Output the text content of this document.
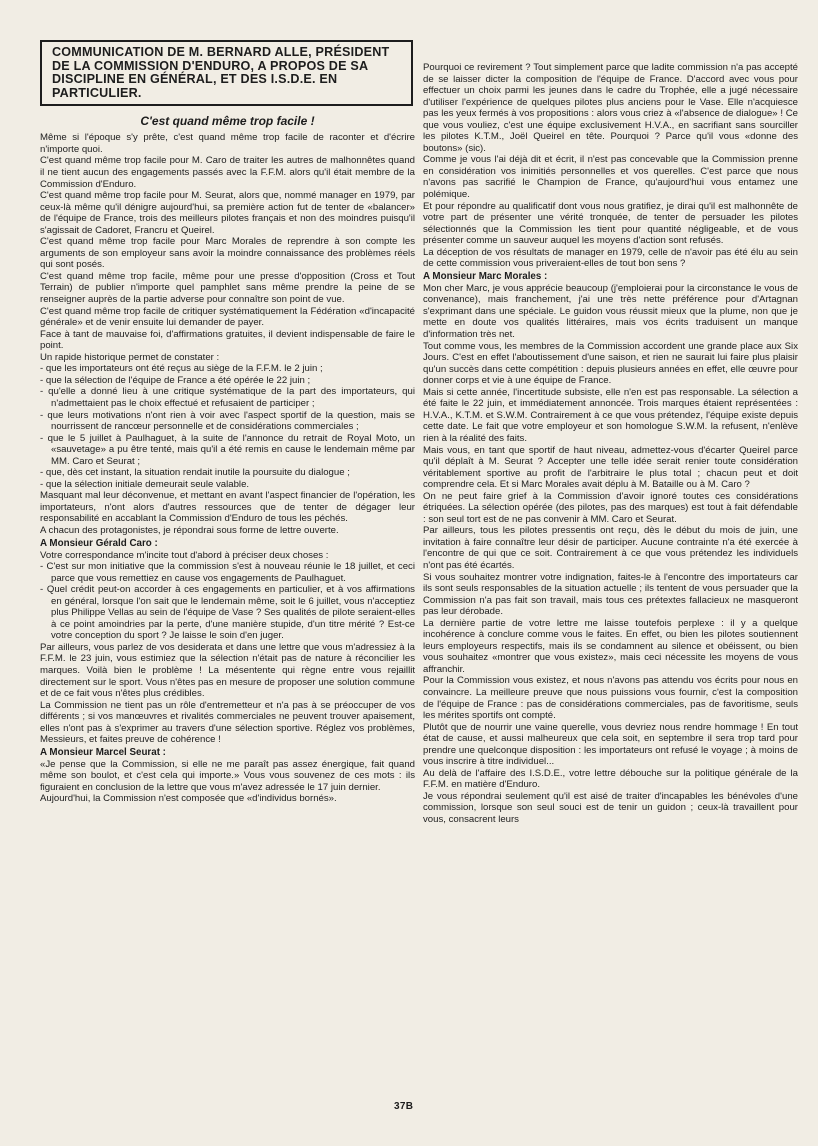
COMMUNICATION DE M. BERNARD ALLE, PRÉSIDENT DE LA COMMISSION D'ENDURO, A PROPOS DE SA DISCIPLINE EN GÉNÉRAL, ET DES I.S.D.E. EN PARTICULIER.
C'est quand même trop facile !

Même si l'époque s'y prête, c'est quand même trop facile de raconter et d'écrire n'importe quoi.

C'est quand même trop facile pour M. Caro de traiter les autres de malhonnêtes quand il ne tient aucun des engagements passés avec la F.F.M. alors qu'il était membre de la Commission d'Enduro.

C'est quand même trop facile pour M. Seurat, alors que, nommé manager en 1979, par ceux-là même qu'il dénigre aujourd'hui, sa première action fut de tenter de «balancer» de l'équipe de France, trois des meilleurs pilotes français et non des moindres puisqu'il s'agissait de Cadoret, Francru et Queirel.

C'est quand même trop facile pour Marc Morales de reprendre à son compte les arguments de son employeur sans avoir la moindre connaissance des problèmes réels qui sont posés.

C'est quand même trop facile, même pour une presse d'opposition (Cross et Tout Terrain) de publier n'importe quel pamphlet sans même prendre la peine de se renseigner auprès de la partie adverse pour connaître son point de vue.

C'est quand même trop facile de critiquer systématiquement la Fédération «d'incapacité générale» et de venir ensuite lui demander de payer.

Face à tant de mauvaise foi, d'affirmations gratuites, il devient indispensable de faire le point.

Un rapide historique permet de constater :

- que les importateurs ont été reçus au siège de la F.F.M. le 2 juin ;
- que la sélection de l'équipe de France a été opérée le 22 juin ;
- qu'elle a donné lieu à une critique systématique de la part des importateurs, qui n'admettaient pas le choix effectué et refusaient de participer ;
- que leurs motivations n'ont rien à voir avec l'aspect sportif de la question, mais se nourrissent de rancœur personnelle et de considérations commerciales ;
- que le 5 juillet à Paulhaguet, à la suite de l'annonce du retrait de Royal Moto, un «sauvetage» a pu être tenté, mais qu'il a été remis en cause le lendemain même par MM. Caro et Seurat ;
- que, dès cet instant, la situation rendait inutile la poursuite du dialogue ;
- que la sélection initiale demeurait seule valable.

Masquant mal leur déconvenue, et mettant en avant l'aspect financier de l'opération, les importateurs, n'ont alors d'autres ressources que de tenter de dégager leur responsabilité en accablant la Commission d'Enduro de tous les péchés.

A chacun des protagonistes, je répondrai sous forme de lettre ouverte.

A Monsieur Gérald Caro :

Votre correspondance m'incite tout d'abord à préciser deux choses :

- C'est sur mon initiative que la commission s'est à nouveau réunie le 18 juillet, et ceci parce que vous remettiez en cause vos engagements de Paulhaguet.
- Quel crédit peut-on accorder à ces engagements en particulier, et à vos affirmations en général, lorsque l'on sait que le lendemain même, soit le 6 juillet, vous n'acceptiez plus Philippe Vellas au sein de l'équipe de Vase ? Ses qualités de pilote seraient-elles à ce point amoindries par la perte, d'une manière stupide, d'un titre mérité ? Est-ce votre conception du sport ? Je laisse le soin d'en juger.

Par ailleurs, vous parlez de vos desiderata et dans une lettre que vous m'adressiez à la F.F.M. le 23 juin, vous estimiez que la sélection n'était pas de nature à réconcilier les marques. Voilà bien le problème ! La mésentente qui règne entre vous rejaillit directement sur le sport. Vous n'êtes pas en mesure de proposer une solution commune et de ce fait vous n'êtes plus crédibles.

La Commission ne tient pas un rôle d'entremetteur et n'a pas à se préoccuper de vos différents ; si vos manœuvres et rivalités commerciales ne peuvent trouver apaisement, elles n'ont pas à s'exprimer au travers d'une sélection sportive. Réglez vos problèmes, Messieurs, et faites preuve de cohérence !

A Monsieur Marcel Seurat :

«Je pense que la Commission, si elle ne me paraît pas assez énergique, fait quand même son boulot, et c'est cela qui importe.» Vous vous souvenez de ces mots : ils figuraient en conclusion de la lettre que vous m'avez adressée le 17 juin dernier.

Aujourd'hui, la Commission n'est composée que «d'individus bornés».

Pourquoi ce revirement ? Tout simplement parce que ladite commission n'a pas accepté de se laisser dicter la composition de l'équipe de France. D'accord avec vous pour effectuer un choix parmi les jeunes dans le cadre du Trophée, elle a jugé nécessaire d'utiliser l'expérience de quelques pilotes plus anciens pour le Vase. Elle n'acquiesce pas les yeux fermés à vos propositions : alors vous criez à «l'absence de dialogue» ! Ce que vous vouliez, c'est une équipe exclusivement H.V.A., en sacrifiant sans sourciller les pilotes K.T.M., Joël Queirel en tête. Pourquoi ? Parce qu'il vous «donne des boutons» (sic).

Comme je vous l'ai déjà dit et écrit, il n'est pas concevable que la Commission prenne en considération vos inimitiés personnelles et vos querelles. C'est parce que nous n'avons pas sacrifié le Champion de France, qu'aujourd'hui vous entamez une polémique.

Et pour répondre au qualificatif dont vous nous gratifiez, je dirai qu'il est malhonnête de votre part de présenter une vérité tronquée, de tenter de persuader les pilotes sélectionnés que la Commission les tient pour quantité négligeable, et de vous présenter comme un sauveur auquel les moyens d'action sont refusés.

La déception de vos résultats de manager en 1979, celle de n'avoir pas été élu au sein de cette commission vous priveraient-elles de tout bon sens ?

A Monsieur Marc Morales :

Mon cher Marc, je vous apprécie beaucoup (j'emploierai pour la circonstance le vous de convenance), mais franchement, j'ai une très nette préférence pour d'Artagnan s'exprimant dans une spéciale. Le guidon vous réussit mieux que la plume, non que je mette en doute vos qualités littéraires, mais vos écrits traduisent un manque d'information très net.

Tout comme vous, les membres de la Commission accordent une grande place aux Six Jours. C'est en effet l'aboutissement d'une saison, et rien ne saurait lui faire plus plaisir qu'un succès dans cette compétition : depuis plusieurs années en effet, elle œuvre pour donner corps et vie à une équipe de France.

Mais si cette année, l'incertitude subsiste, elle n'en est pas responsable. La sélection a été faite le 22 juin, et immédiatement annoncée. Trois marques étaient représentées : H.V.A., K.T.M. et S.W.M. Contrairement à ce que vous prétendez, l'équipe existe depuis cette date. Le fait que votre employeur et son homologue S.W.M. la refusent, n'enlève rien à la réalité des faits.

Mais vous, en tant que sportif de haut niveau, admettez-vous d'écarter Queirel parce qu'il déplaît à M. Seurat ? Accepter une telle idée serait renier toute considération véritablement sportive au profit de l'arbitraire le plus total ; chacun peut et doit comprendre cela. Et si Marc Morales avait déplu à M. Bataille ou à M. Caro ?

On ne peut faire grief à la Commission d'avoir ignoré toutes ces considérations étriquées. La sélection opérée (des pilotes, pas des marques) est tout à fait défendable : son seul tort est de ne pas convenir à MM. Caro et Seurat.

Par ailleurs, tous les pilotes pressentis ont reçu, dès le début du mois de juin, une invitation à faire connaître leur désir de participer. Aucune contrainte n'a été exercée à l'encontre de qui que ce soit. Contrairement à ce que vous prétendez les individuels n'ont pas été écartés.

Si vous souhaitez montrer votre indignation, faites-le à l'encontre des importateurs car ils sont seuls responsables de la situation actuelle ; ils tentent de vous persuader que la Commission n'a pas fait son travail, mais tous ces prétextes fallacieux ne masqueront pas leur dérobade.

La dernière partie de votre lettre me laisse toutefois perplexe : il y a quelque incohérence à conclure comme vous le faites. En effet, ou bien les pilotes soutiennent leurs employeurs respectifs, mais ils se condamnent au silence et obéissent, ou bien vous souhaitez «montrer que vous existez», mais ceci nécessite les moyens de vous affranchir.

Pour la Commission vous existez, et nous n'avons pas attendu vos écrits pour nous en convaincre. La meilleure preuve que nous puissions vous fournir, c'est la composition de l'équipe de France : pas de considérations commerciales, pas de favoritisme, seuls les mérites sportifs ont compté.

Plutôt que de nourrir une vaine querelle, vous devriez nous rendre hommage ! En tout état de cause, et aussi malheureux que cela soit, en septembre il sera trop tard pour prendre une quelconque disposition : les importateurs ont refusé le voyage ; à moins de vous inscrire à titre individuel...

Au delà de l'affaire des I.S.D.E., votre lettre débouche sur la politique générale de la F.F.M. en matière d'Enduro.

Je vous répondrai seulement qu'il est aisé de traiter d'incapables les bénévoles d'une commission, lorsque son seul souci est de tenir un guidon ; ceux-là travaillent pour vous, consacrent leurs

37B
